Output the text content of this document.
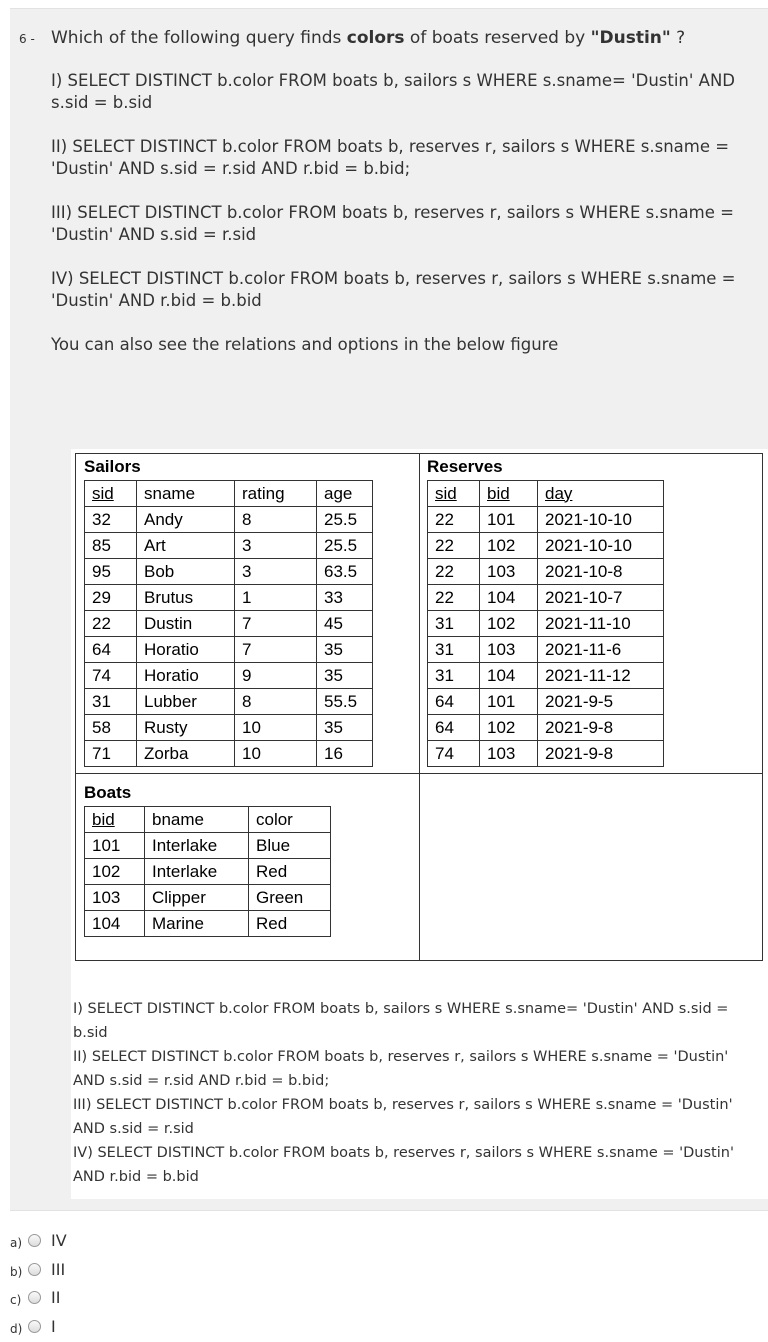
6 - Which of the following query finds colors of boats reserved by "Dustin" ?
I) SELECT DISTINCT b.color FROM boats b, sailors s WHERE s.sname= 'Dustin' AND s.sid = b.sid
II) SELECT DISTINCT b.color FROM boats b, reserves r, sailors s WHERE s.sname = 'Dustin' AND s.sid = r.sid AND r.bid = b.bid;
III) SELECT DISTINCT b.color FROM boats b, reserves r, sailors s WHERE s.sname = 'Dustin' AND s.sid = r.sid
IV) SELECT DISTINCT b.color FROM boats b, reserves r, sailors s WHERE s.sname = 'Dustin' AND r.bid = b.bid
You can also see the relations and options in the below figure
Sailors
sid	sname	rating	age
32	Andy	8	25.5
85	Art	3	25.5
95	Bob	3	63.5
29	Brutus	1	33
22	Dustin	7	45
64	Horatio	7	35
74	Horatio	9	35
31	Lubber	8	55.5
58	Rusty	10	35
71	Zorba	10	16
Reserves
sid	bid	day
22	101	2021-10-10
22	102	2021-10-10
22	103	2021-10-8
22	104	2021-10-7
31	102	2021-11-10
31	103	2021-11-6
31	104	2021-11-12
64	101	2021-9-5
64	102	2021-9-8
74	103	2021-9-8
Boats
bid	bname	color
101	Interlake	Blue
102	Interlake	Red
103	Clipper	Green
104	Marine	Red

I) SELECT DISTINCT b.color FROM boats b, sailors s WHERE s.sname= 'Dustin' AND s.sid = b.sid

II) SELECT DISTINCT b.color FROM boats b, reserves r, sailors s WHERE s.sname = 'Dustin' AND s.sid = r.sid AND r.bid = b.bid;

III) SELECT DISTINCT b.color FROM boats b, reserves r, sailors s WHERE s.sname = 'Dustin' AND s.sid = r.sid

IV) SELECT DISTINCT b.color FROM boats b, reserves r, sailors s WHERE s.sname = 'Dustin' AND r.bid = b.bid

a) IV
b) III
c) II
d) I
